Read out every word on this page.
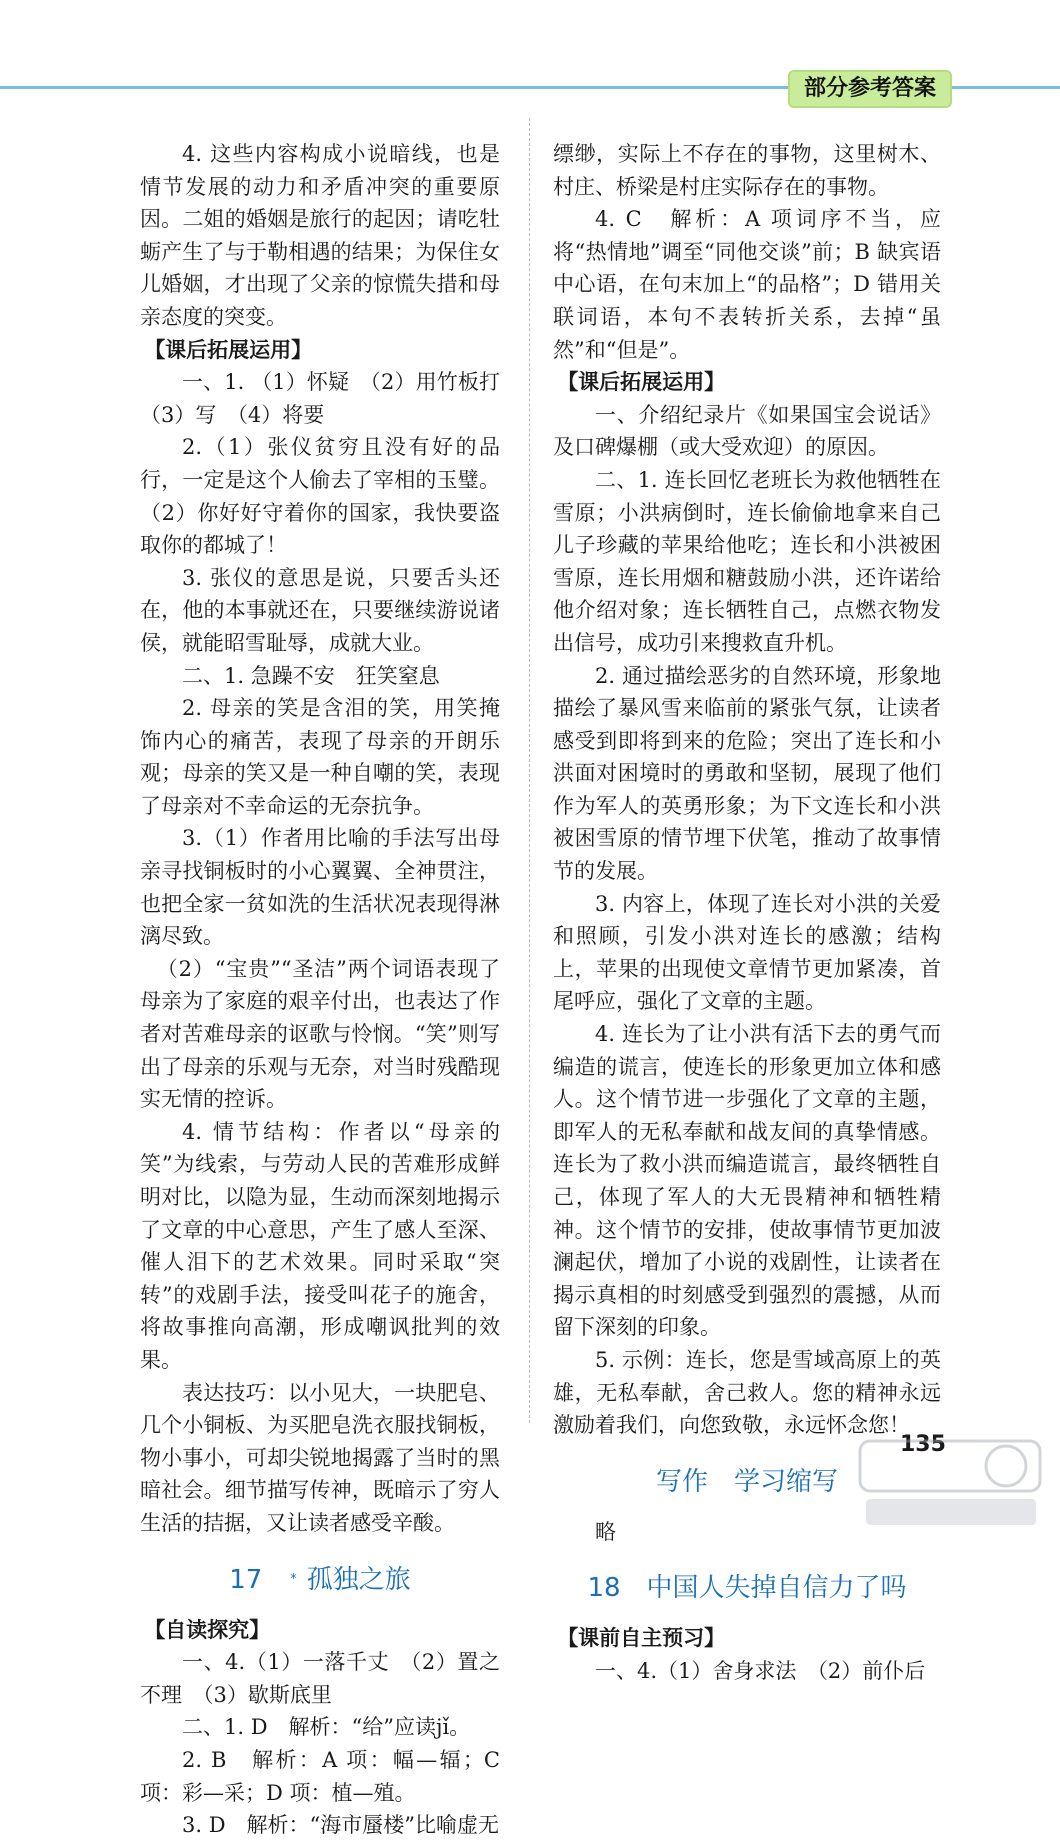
部分参考答案

4. 这些内容构成小说暗线，也是情节发展的动力和矛盾冲突的重要原因。二姐的婚姻是旅行的起因；请吃牡蛎产生了与于勒相遇的结果；为保住女儿婚姻，才出现了父亲的惊慌失措和母亲态度的突变。

【课后拓展运用】

一、1. （1）怀疑　（2）用竹板打（3）写　（4）将要

2.（1）张仪贫穷且没有好的品行，一定是这个人偷去了宰相的玉璧。（2）你好好守着你的国家，我快要盗取你的都城了！

3. 张仪的意思是说，只要舌头还在，他的本事就还在，只要继续游说诸侯，就能昭雪耻辱，成就大业。

二、1. 急躁不安　狂笑窒息

2. 母亲的笑是含泪的笑，用笑掩饰内心的痛苦，表现了母亲的开朗乐观；母亲的笑又是一种自嘲的笑，表现了母亲对不幸命运的无奈抗争。

3.（1）作者用比喻的手法写出母亲寻找铜板时的小心翼翼、全神贯注，也把全家一贫如洗的生活状况表现得淋漓尽致。

（2）“宝贵”“圣洁”两个词语表现了母亲为了家庭的艰辛付出，也表达了作者对苦难母亲的讴歌与怜悯。“笑”则写出了母亲的乐观与无奈，对当时残酷现实无情的控诉。

4. 情节结构：作者以“母亲的笑”为线索，与劳动人民的苦难形成鲜明对比，以隐为显，生动而深刻地揭示了文章的中心意思，产生了感人至深、催人泪下的艺术效果。同时采取“突转”的戏剧手法，接受叫花子的施舍，将故事推向高潮，形成嘲讽批判的效果。

表达技巧：以小见大，一块肥皂、几个小铜板、为买肥皂洗衣服找铜板，物小事小，可却尖锐地揭露了当时的黑暗社会。细节描写传神，既暗示了穷人生活的拮据，又让读者感受辛酸。

17 * 孤独之旅

【自读探究】

一、4.（1）一落千丈　（2）置之不理　（3）歇斯底里

二、1. D　解析：“给”应读jǐ。

2. B　解析：A 项：幅—辐；C 项：彩—采；D 项：植—殖。

3. D　解析：“海市蜃楼”比喻虚无

缥缈，实际上不存在的事物，这里树木、村庄、桥梁是村庄实际存在的事物。

4. C　解析：A 项词序不当，应将“热情地”调至“同他交谈”前；B 缺宾语中心语，在句末加上“的品格”；D 错用关联词语，本句不表转折关系，去掉“虽然”和“但是”。

【课后拓展运用】

一、介绍纪录片《如果国宝会说话》及口碑爆棚（或大受欢迎）的原因。

二、1. 连长回忆老班长为救他牺牲在雪原；小洪病倒时，连长偷偷地拿来自己儿子珍藏的苹果给他吃；连长和小洪被困雪原，连长用烟和糖鼓励小洪，还许诺给他介绍对象；连长牺牲自己，点燃衣物发出信号，成功引来搜救直升机。

2. 通过描绘恶劣的自然环境，形象地描绘了暴风雪来临前的紧张气氛，让读者感受到即将到来的危险；突出了连长和小洪面对困境时的勇敢和坚韧，展现了他们作为军人的英勇形象；为下文连长和小洪被困雪原的情节埋下伏笔，推动了故事情节的发展。

3. 内容上，体现了连长对小洪的关爱和照顾，引发小洪对连长的感激；结构上，苹果的出现使文章情节更加紧凑，首尾呼应，强化了文章的主题。

4. 连长为了让小洪有活下去的勇气而编造的谎言，使连长的形象更加立体和感人。这个情节进一步强化了文章的主题，即军人的无私奉献和战友间的真挚情感。连长为了救小洪而编造谎言，最终牺牲自己，体现了军人的大无畏精神和牺牲精神。这个情节的安排，使故事情节更加波澜起伏，增加了小说的戏剧性，让读者在揭示真相的时刻感受到强烈的震撼，从而留下深刻的印象。

5. 示例：连长，您是雪域高原上的英雄，无私奉献，舍己救人。您的精神永远激励着我们，向您致敬，永远怀念您！

写作 学习缩写

略

18 中国人失掉自信力了吗

【课前自主预习】

一、4.（1）舍身求法　（2）前仆后

135
